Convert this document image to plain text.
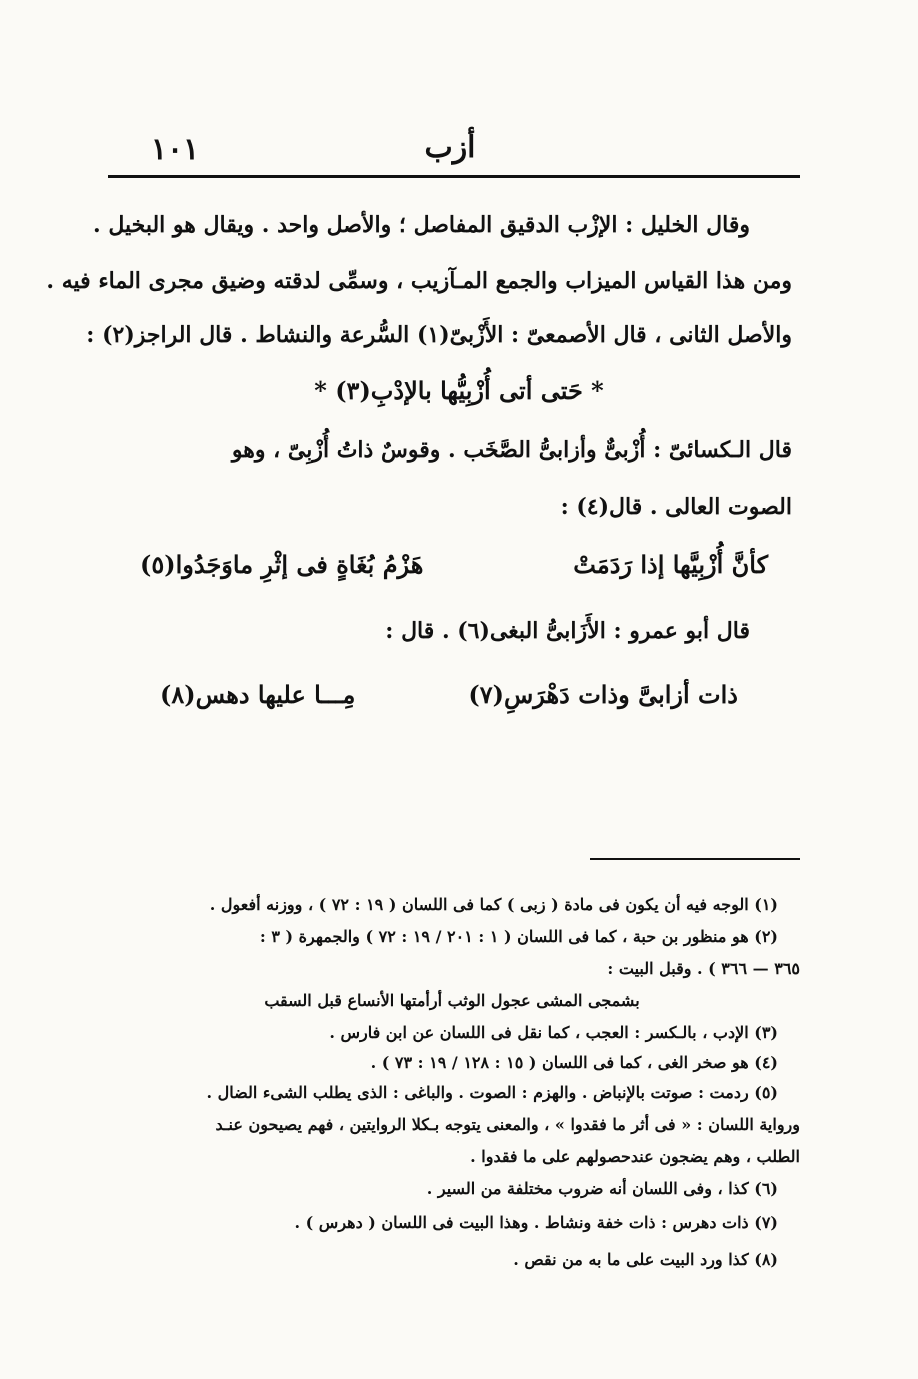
أزب
١٠١
وقال الخليل : الإزْب الدقيق المفاصل ؛ والأصل واحد . ويقال هو البخيل .
ومن هذا القياس الميزاب والجمع المـآزيب ، وسمِّى لدقته وضيق مجرى الماء فيه .
والأصل الثانى ، قال الأصمعىّ : الأَزْبىّ(١) السُّرعة والنشاط . قال الراجز(٢) :
* حَتى أتى أُزْبِيُّها بالإدْبِ(٣) *
قال الـكسائىّ : أُزْبىٌّ وأزابىُّ الصَّخَب . وقوسٌ ذاتُ أُزْبِىّ ، وهو
الصوت العالى . قال(٤) :
كأنَّ أُزْبِيَّها إذا رَدَمَتْ
هَزْمُ بُغَاةٍ فى إثْرِ ماوَجَدُوا(٥)
قال أبو عمرو : الأَزَابىُّ البغى(٦) . قال :
ذات أزابىَّ وذات دَهْرَسِ(٧)
مِـــا عليها دهس(٨)
(١) الوجه فيه أن يكون فى مادة ( زبى ) كما فى اللسان ( ١٩ : ٧٢ ) ، ووزنه أفعول .
(٢) هو منظور بن حبة ، كما فى اللسان ( ١ : ٢٠١ / ١٩ : ٧٢ ) والجمهرة ( ٣ :
٣٦٥ — ٣٦٦ ) . وقبل البيت :
بشمجى المشى عجول الوثب أرأمتها الأنساع قبل السقب
(٣) الإدب ، بالـكسر : العجب ، كما نقل فى اللسان عن ابن فارس .
(٤) هو صخر الغى ، كما فى اللسان ( ١٥ : ١٢٨ / ١٩ : ٧٣ ) .
(٥) ردمت : صوتت بالإنباض . والهزم : الصوت . والباغى : الذى يطلب الشىء الضال .
ورواية اللسان : « فى أثر ما فقدوا » ، والمعنى يتوجه بـكلا الروايتين ، فهم يصيحون عنـد
الطلب ، وهم يضجون عندحصولهم على ما فقدوا .
(٦) كذا ، وفى اللسان أنه ضروب مختلفة من السير .
(٧) ذات دهرس : ذات خفة ونشاط . وهذا البيت فى اللسان ( دهرس ) .
(٨) كذا ورد البيت على ما به من نقص .
